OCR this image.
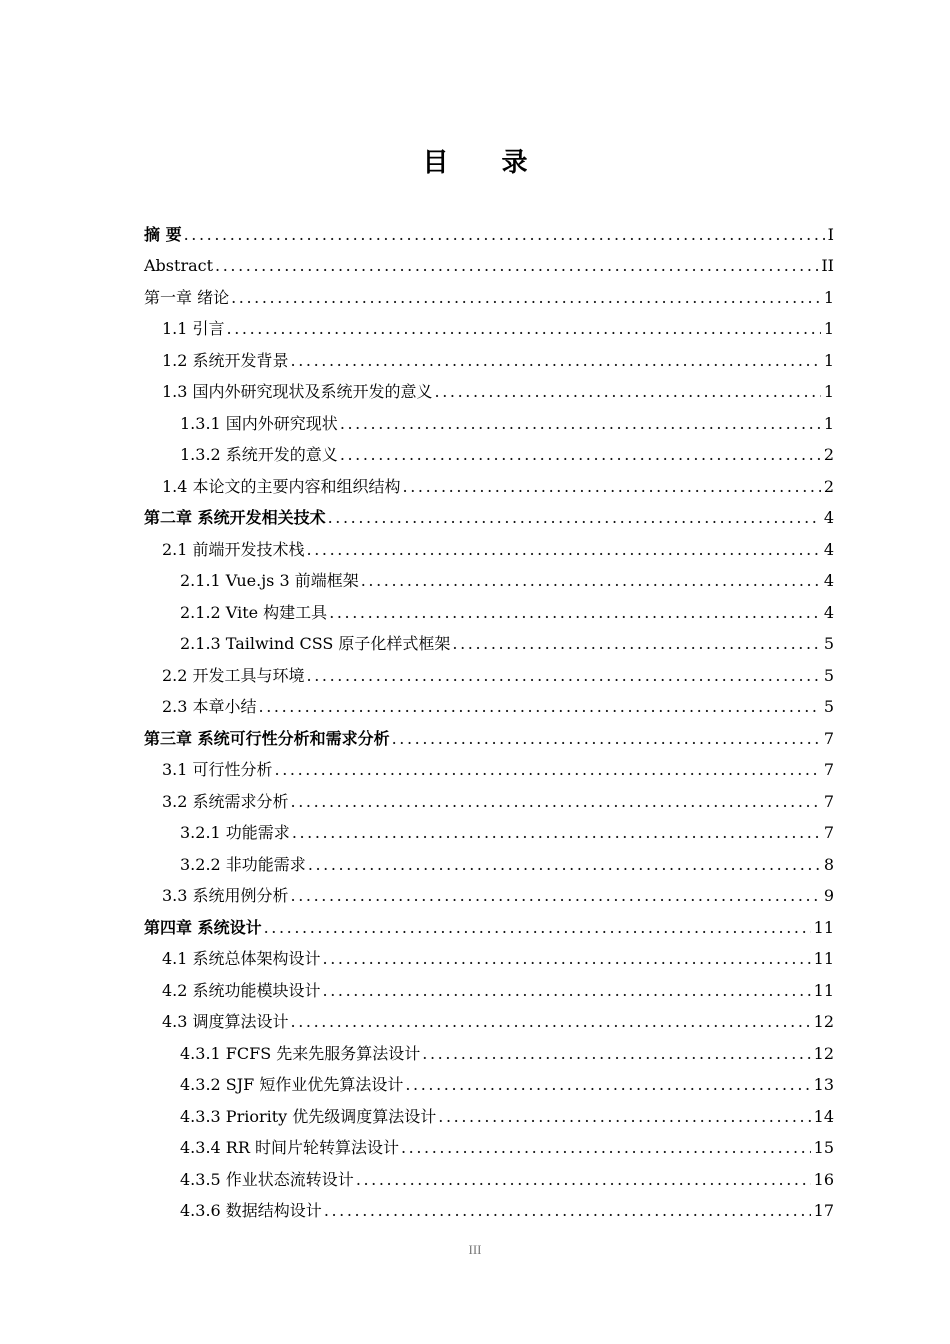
目 录
摘 要 .....	I
Abstract .....	II
第一章 绪论 .....	1
1.1 引言 .....	1
1.2 系统开发背景 .....	1
1.3 国内外研究现状及系统开发的意义 .....	1
1.3.1 国内外研究现状 .....	1
1.3.2 系统开发的意义 .....	2
1.4 本论文的主要内容和组织结构 .....	2
第二章 系统开发相关技术 .....	4
2.1 前端开发技术栈 .....	4
2.1.1 Vue.js 3 前端框架 .....	4
2.1.2 Vite 构建工具 .....	4
2.1.3 Tailwind CSS 原子化样式框架 .....	5
2.2 开发工具与环境 .....	5
2.3 本章小结 .....	5
第三章 系统可行性分析和需求分析 .....	7
3.1 可行性分析 .....	7
3.2 系统需求分析 .....	7
3.2.1 功能需求 .....	7
3.2.2 非功能需求 .....	8
3.3 系统用例分析 .....	9
第四章 系统设计 .....	11
4.1 系统总体架构设计 .....	11
4.2 系统功能模块设计 .....	11
4.3 调度算法设计 .....	12
4.3.1 FCFS 先来先服务算法设计 .....	12
4.3.2 SJF 短作业优先算法设计 .....	13
4.3.3 Priority 优先级调度算法设计 .....	14
4.3.4 RR 时间片轮转算法设计 .....	15
4.3.5 作业状态流转设计 .....	16
4.3.6 数据结构设计 .....	17
III
